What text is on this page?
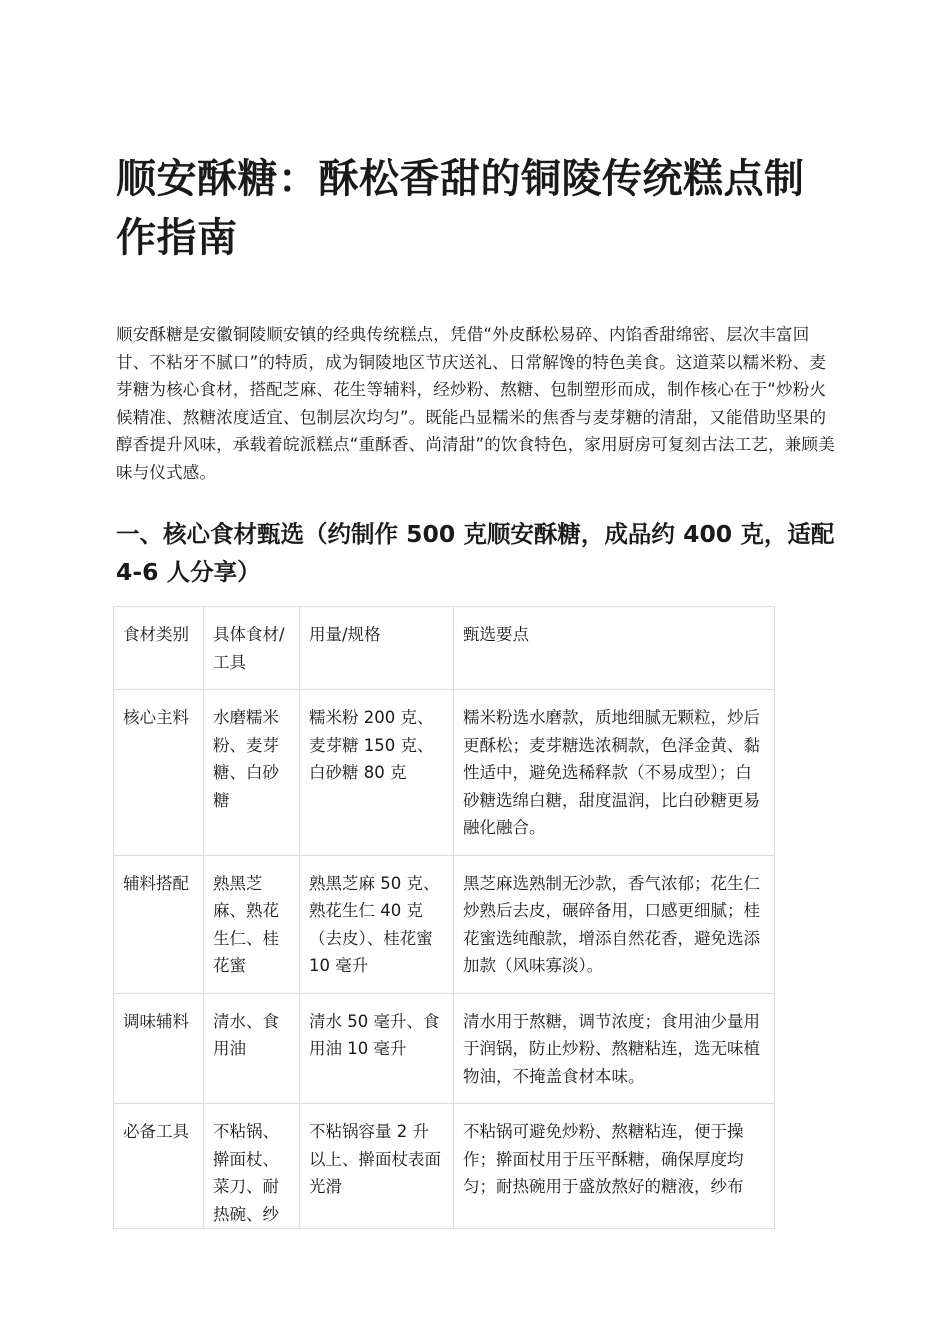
顺安酥糖：酥松香甜的铜陵传统糕点制作指南

顺安酥糖是安徽铜陵顺安镇的经典传统糕点，凭借“外皮酥松易碎、内馅香甜绵密、层次丰富回甘、不粘牙不腻口”的特质，成为铜陵地区节庆送礼、日常解馋的特色美食。这道菜以糯米粉、麦芽糖为核心食材，搭配芝麻、花生等辅料，经炒粉、熬糖、包制塑形而成，制作核心在于“炒粉火候精准、熬糖浓度适宜、包制层次均匀”。既能凸显糯米的焦香与麦芽糖的清甜，又能借助坚果的醇香提升风味，承载着皖派糕点“重酥香、尚清甜”的饮食特色，家用厨房可复刻古法工艺，兼顾美味与仪式感。

一、核心食材甄选（约制作 500 克顺安酥糖，成品约 400 克，适配 4-6 人分享）
食材类别	具体食材/工具	用量/规格	甄选要点
核心主料	水磨糯米粉、麦芽糖、白砂糖	糯米粉 200 克、麦芽糖 150 克、白砂糖 80 克	糯米粉选水磨款，质地细腻无颗粒，炒后更酥松；麦芽糖选浓稠款，色泽金黄、黏性适中，避免选稀释款（不易成型）；白砂糖选绵白糖，甜度温润，比白砂糖更易融化融合。
辅料搭配	熟黑芝麻、熟花生仁、桂花蜜	熟黑芝麻 50 克、熟花生仁 40 克（去皮）、桂花蜜 10 毫升	黑芝麻选熟制无沙款，香气浓郁；花生仁炒熟后去皮，碾碎备用，口感更细腻；桂花蜜选纯酿款，增添自然花香，避免选添加款（风味寡淡）。
调味辅料	清水、食用油	清水 50 毫升、食用油 10 毫升	清水用于熬糖，调节浓度；食用油少量用于润锅，防止炒粉、熬糖粘连，选无味植物油，不掩盖食材本味。
必备工具	不粘锅、擀面杖、菜刀、耐热碗、纱	不粘锅容量 2 升以上、擀面杖表面光滑	不粘锅可避免炒粉、熬糖粘连，便于操作；擀面杖用于压平酥糖，确保厚度均匀；耐热碗用于盛放熬好的糖液，纱布
